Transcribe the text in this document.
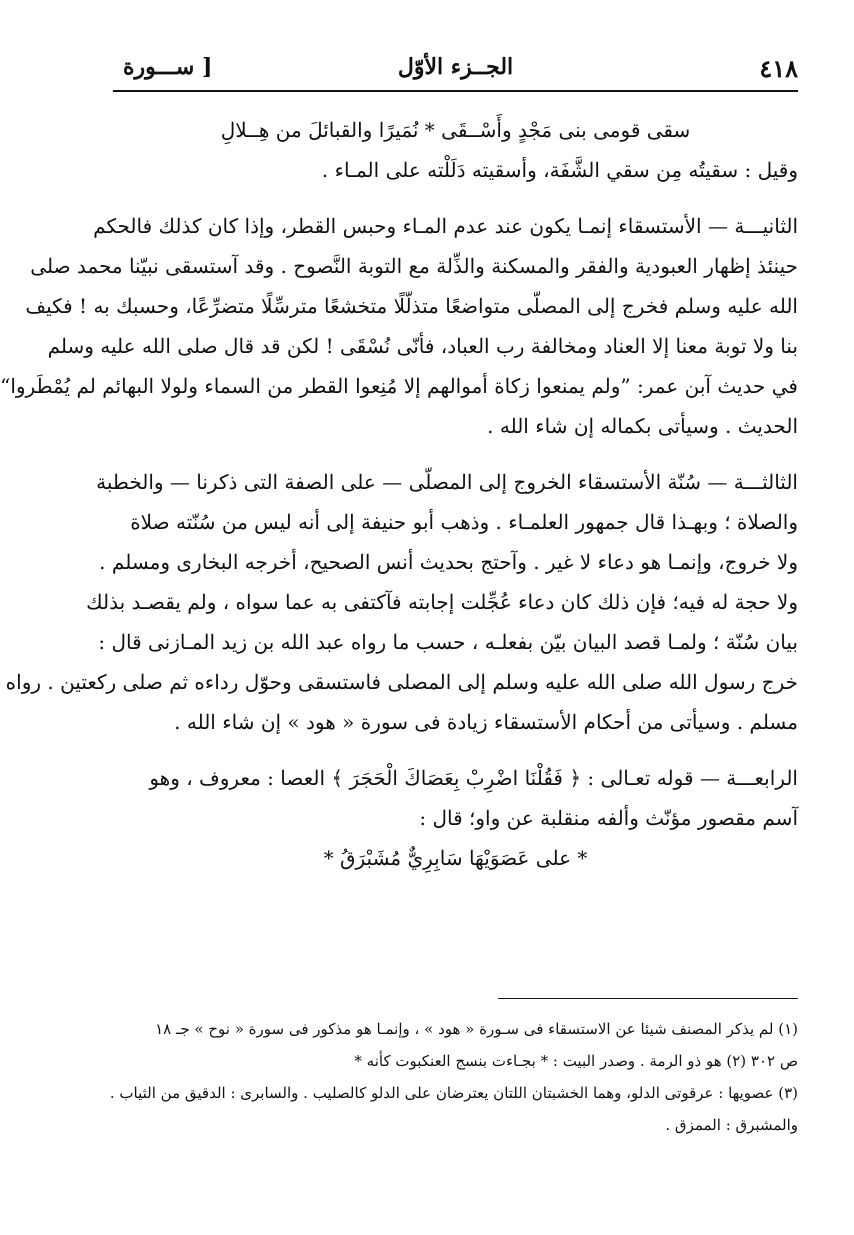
٤١٨
الجــزء الأوّل
[ ســـورة
سقى قومى بنى مَجْدٍ وأَسْــقَى * نُمَيرًا والقبائلَ من هِــلالِ
وقيل : سقيتُه مِن سقي الشَّفَة، وأسقيته دَلَلْته على المـاء .
الثانيـــة — الأستسقاء إنمـا يكون عند عدم المـاء وحبس القطر، وإذا كان كذلك فالحكم
حينئذ إظهار العبودية والفقر والمسكنة والذِّلة مع التوبة النَّصوح . وقد آستسقى نبيّنا محمد صلى
الله عليه وسلم فخرج إلى المصلّى متواضعًا متذلّلًا متخشعًا مترسِّلًا متضرِّعًا، وحسبك به ! فكيف
بنا ولا توبة معنا إلا العناد ومخالفة رب العباد، فأنّى نُسْقَى ! لكن قد قال صلى الله عليه وسلم
في حديث آبن عمر: ”ولم يمنعوا زكاة أموالهم إلا مُنِعوا القطر من السماء ولولا البهائم لم يُمْطَروا“
الحديث . وسيأتى بكماله إن شاء الله .
الثالثـــة — سُنّة الأستسقاء الخروج إلى المصلّى — على الصفة التى ذكرنا — والخطبة
والصلاة ؛ وبهـذا قال جمهور العلمـاء . وذهب أبو حنيفة إلى أنه ليس من سُنّته صلاة
ولا خروج، وإنمـا هو دعاء لا غير . وآحتج بحديث أنس الصحيح، أخرجه البخارى ومسلم .
ولا حجة له فيه؛ فإن ذلك كان دعاء عُجِّلت إجابته فآكتفى به عما سواه ، ولم يقصـد بذلك
بيان سُنّة ؛ ولمـا قصد البيان بيّن بفعلـه ، حسب ما رواه عبد الله بن زيد المـازنى قال :
خرج رسول الله صلى الله عليه وسلم إلى المصلى فاستسقى وحوّل رداءه ثم صلى ركعتين . رواه
مسلم . وسيأتى من أحكام الأستسقاء زيادة فى سورة « هود » إن شاء الله .
الرابعـــة — قوله تعـالى : ﴿ فَقُلْنَا اضْرِبْ بِعَصَاكَ الْحَجَرَ ﴾ العصا : معروف ، وهو
آسم مقصور مؤنّث وألفه منقلبة عن واو؛ قال :
* على عَصَوَيْهَا سَابِرِيٌّ مُشَبْرَقُ *
(١) لم يذكر المصنف شيئا عن الاستسقاء فى سـورة « هود » ، وإنمـا هو مذكور فى سورة « نوح » جـ ١٨
ص ٣٠٢ (٢) هو ذو الرمة . وصدر البيت : * بجـاءت بنسج العنكبوت كأنه *
(٣) عصويها : عرقوتى الدلو، وهما الخشبتان اللتان يعترضان على الدلو كالصليب . والسابرى : الدقيق من الثياب .
والمشبرق : الممزق .
